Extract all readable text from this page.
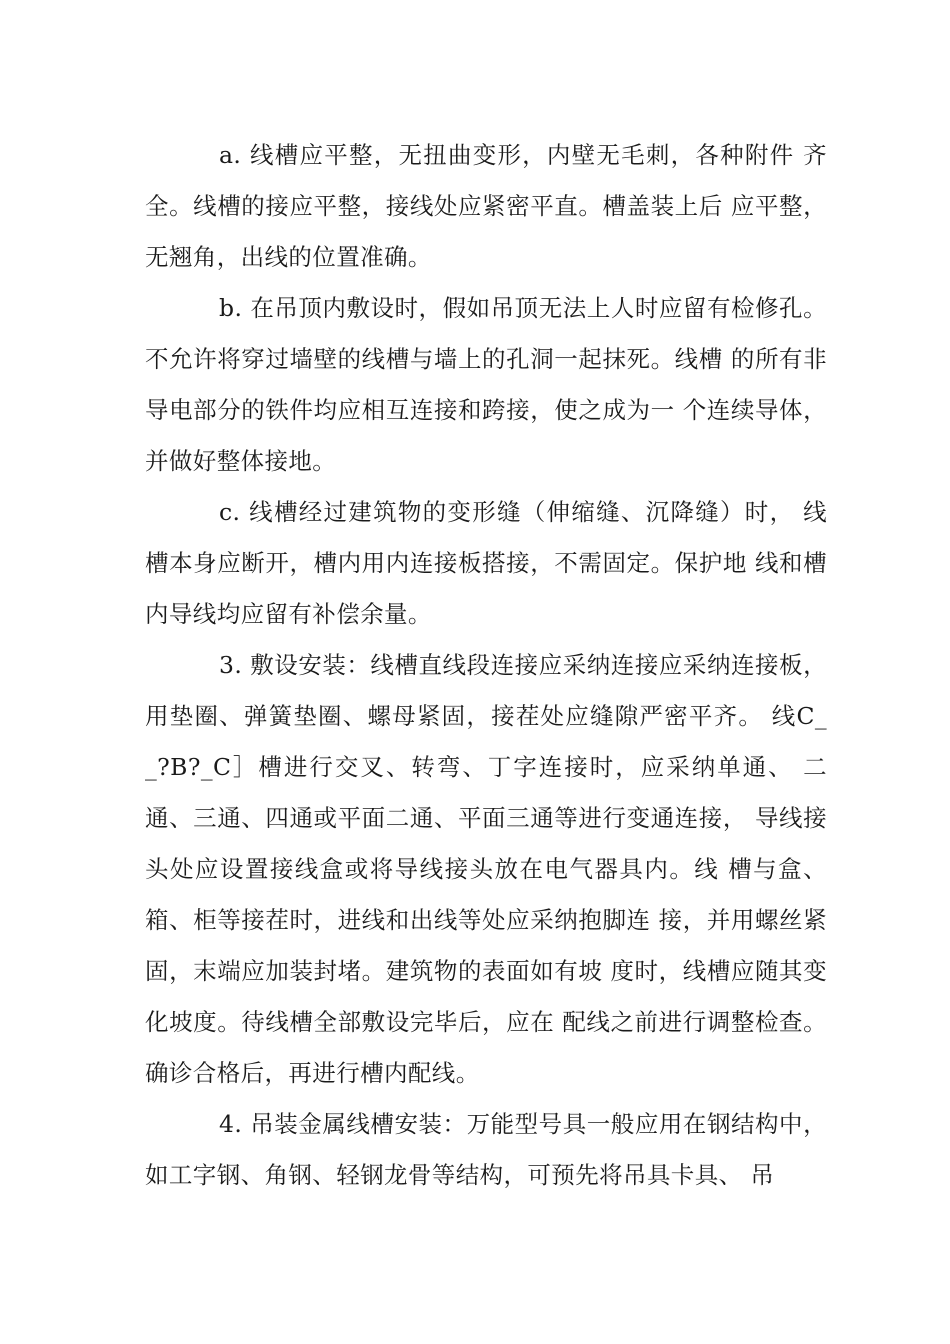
a. 线槽应平整，无扭曲变形，内壁无毛刺，各种附件 齐全。线槽的接应平整，接线处应紧密平直。槽盖装上后 应平整，无翘角，出线的位置准确。

b. 在吊顶内敷设时，假如吊顶无法上人时应留有检修孔。不允许将穿过墙壁的线槽与墙上的孔洞一起抹死。线槽 的所有非导电部分的铁件均应相互连接和跨接，使之成为一 个连续导体，并做好整体接地。

c. 线槽经过建筑物的变形缝（伸缩缝、沉降缝）时， 线槽本身应断开，槽内用内连接板搭接，不需固定。保护地 线和槽内导线均应留有补偿余量。

3. 敷设安装：线槽直线段连接应采纳连接应采纳连接板，用垫圈、弹簧垫圈、螺母紧固，接茬处应缝隙严密平齐。 线C__?B?_C］槽进行交叉、转弯、丁字连接时，应采纳单通、 二通、三通、四通或平面二通、平面三通等进行变通连接， 导线接头处应设置接线盒或将导线接头放在电气器具内。线 槽与盒、箱、柜等接茬时，进线和出线等处应采纳抱脚连 接，并用螺丝紧固，末端应加装封堵。建筑物的表面如有坡 度时，线槽应随其变化坡度。待线槽全部敷设完毕后，应在 配线之前进行调整检查。确诊合格后，再进行槽内配线。

4. 吊装金属线槽安装：万能型号具一般应用在钢结构中，如工字钢、角钢、轻钢龙骨等结构，可预先将吊具卡具、 吊
